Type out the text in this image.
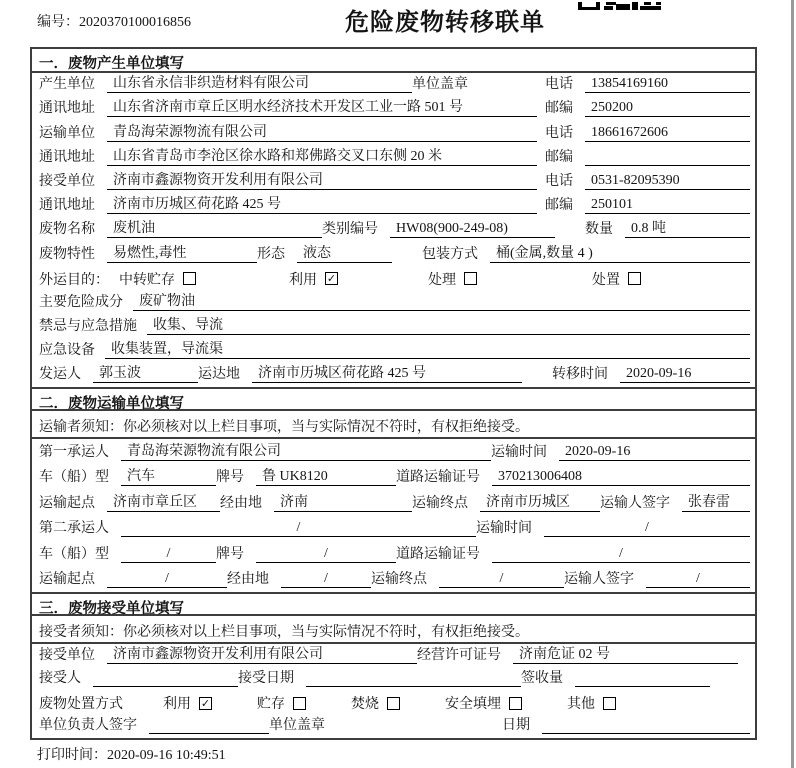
编号：2020370100016856	危险废物转移联单
一．废物产生单位填写
产生单位	山东省永信非织造材料有限公司	单位盖章	电话	13854169160
通讯地址	山东省济南市章丘区明水经济技术开发区工业一路 501 号	邮编	250200
运输单位	青岛海荣源物流有限公司	电话	18661672606
通讯地址	山东省青岛市李沧区徐水路和郑佛路交叉口东侧 20 米	邮编
接受单位	济南市鑫源物资开发利用有限公司	电话	0531-82095390
通讯地址	济南市历城区荷花路 425 号	邮编	250101
废物名称	废机油	类别编号	HW08(900-249-08)	数量	0.8 吨
废物特性	易燃性,毒性	形态	液态	包装方式	桶(金属,数量 4 )
外运目的： 中转贮存	利用 ✓	处理	处置
主要危险成分	废矿物油
禁忌与应急措施	收集、导流
应急设备	收集装置，导流渠
发运人	郭玉波	运达地	济南市历城区荷花路 425 号	转移时间	2020-09-16
二．废物运输单位填写
运输者须知：你必须核对以上栏目事项，当与实际情况不符时，有权拒绝接受。
第一承运人	青岛海荣源物流有限公司	运输时间	2020-09-16
车（船）型	汽车	牌号	鲁 UK8120	道路运输证号	370213006408
运输起点	济南市章丘区	经由地	济南	运输终点	济南市历城区	运输人签字	张春雷
第二承运人	/	运输时间	/
车（船）型	/	牌号	/	道路运输证号	/
运输起点	/	经由地	/	运输终点	/	运输人签字	/
三．废物接受单位填写
接受者须知：你必须核对以上栏目事项，当与实际情况不符时，有权拒绝接受。
接受单位	济南市鑫源物资开发利用有限公司	经营许可证号	济南危证 02 号
接受人	接受日期	签收量
废物处置方式	利用 ✓	贮存	焚烧	安全填埋	其他
单位负责人签字	单位盖章	日期
打印时间：2020-09-16 10:49:51
